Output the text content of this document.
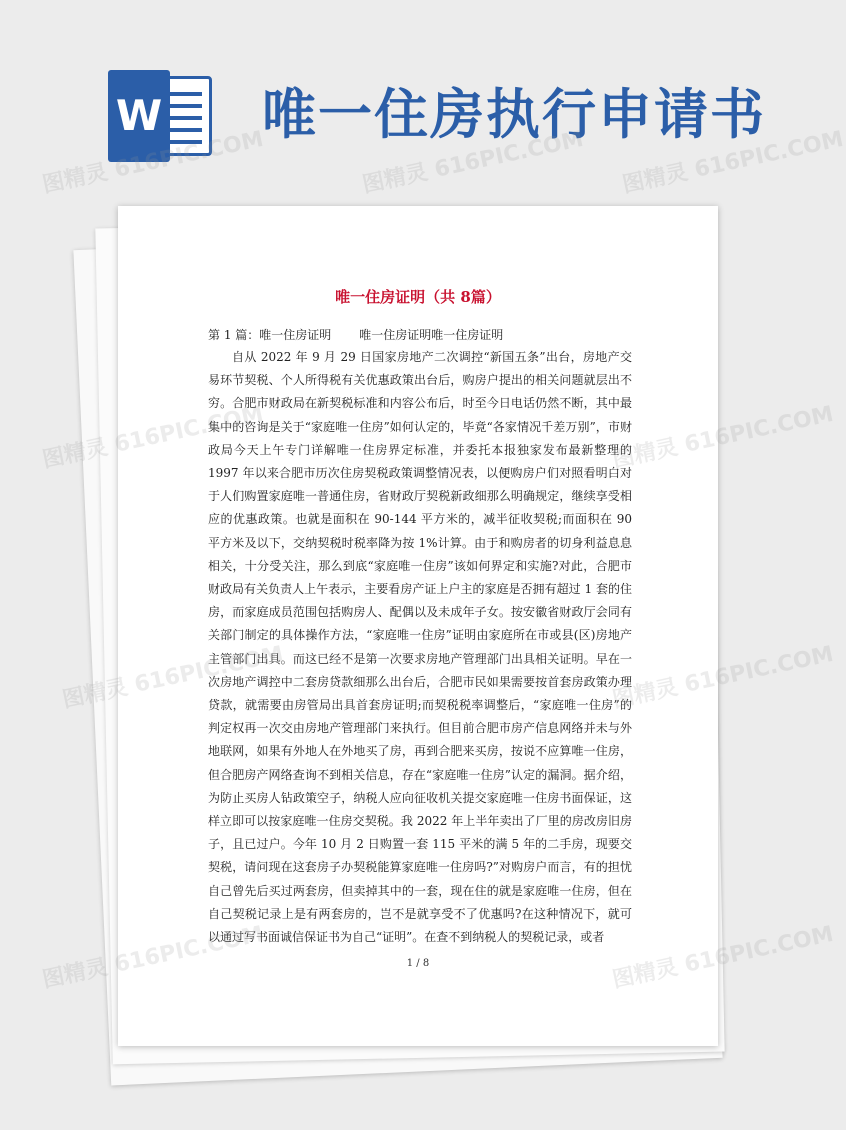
W 唯一住房执行申请书
图精灵 616PIC.COM	图精灵 616PIC.COM 图精灵 616PIC.COM
唯一住房证明（共 8篇）

第 1 篇：唯一住房证明 唯一住房证明唯一住房证明

自从 2022 年 9 月 29 日国家房地产二次调控“新国五条”出台，房地产交易环节契税、个人所得税有关优惠政策出台后，购房户提出的相关问题就层出不穷。合肥市财政局在新契税标准和内容公布后，时至今日电话仍然不断，其中最集中的咨询是关于“家庭唯一住房”如何认定的，毕竟“各家情况千差万别”，市财政局今天上午专门详解唯一住房界定标准，并委托本报独家发布最新整理的 1997 年以来合肥市历次住房契税政策调整情况表，以便购房户们对照看明白对于人们购置家庭唯一普通住房，省财政厅契税新政细那么明确规定，继续享受相应的优惠政策。也就是面积在 90-144 平方米的，减半征收契税;而面积在 90 平方米及以下，交纳契税时税率降为按 1%计算。由于和购房者的切身利益息息相关，十分受关注，那么到底“家庭唯一住房”该如何界定和实施?对此，合肥市财政局有关负责人上午表示，主要看房产证上户主的家庭是否拥有超过 1 套的住房，而家庭成员范围包括购房人、配偶以及未成年子女。按安徽省财政厅会同有关部门制定的具体操作方法，“家庭唯一住房”证明由家庭所在市或县(区)房地产主管部门出具。而这已经不是第一次要求房地产管理部门出具相关证明。早在一次房地产调控中二套房贷款细那么出台后，合肥市民如果需要按首套房政策办理贷款，就需要由房管局出具首套房证明;而契税税率调整后，“家庭唯一住房”的判定权再一次交由房地产管理部门来执行。但目前合肥市房产信息网络并未与外地联网，如果有外地人在外地买了房，再到合肥来买房，按说不应算唯一住房，但合肥房产网络查询不到相关信息，存在“家庭唯一住房”认定的漏洞。据介绍，为防止买房人钻政策空子，纳税人应向征收机关提交家庭唯一住房书面保证，这样立即可以按家庭唯一住房交契税。我 2022 年上半年卖出了厂里的房改房旧房子，且已过户。今年 10 月 2 日购置一套 115 平米的满 5 年的二手房，现要交契税，请问现在这套房子办契税能算家庭唯一住房吗?”对购房户而言，有的担忧自己曾先后买过两套房，但卖掉其中的一套，现在住的就是家庭唯一住房，但在自己契税记录上是有两套房的，岂不是就享受不了优惠吗?在这种情况下，就可以通过写书面诚信保证书为自己“证明”。在查不到纳税人的契税记录，或者

1 / 8
图精灵	图精灵 616PIC.COM
图精灵 616PIC.COM
图精灵	图精灵 616PIC.COM
